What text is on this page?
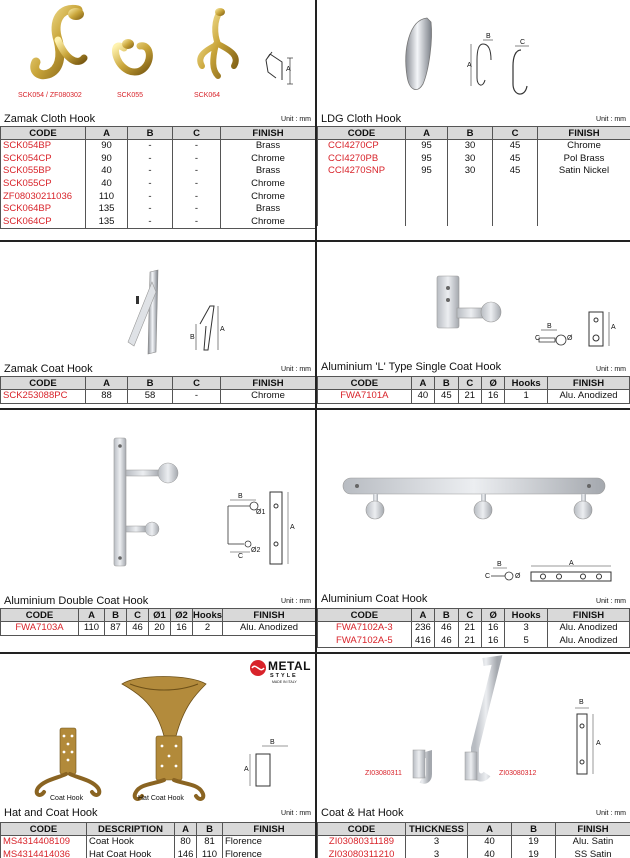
A
SCK054 / ZF080302	SCK055	SCK064
Zamak Cloth Hook	Unit : mm
CODE	A	B	C	FINISH
SCK054BP	90	-	-	Brass
SCK054CP	90	-	-	Chrome
SCK055BP	40	-	-	Brass
SCK055CP	40	-	-	Chrome
ZF08030211036	110	-	-	Chrome
SCK064BP	135	-	-	Brass
SCK064CP	135	-	-	Chrome
A
B
C
LDG Cloth Hook	Unit : mm
CODE	A	B	C	FINISH
CCI4270CP	95	30	45	Chrome
CCI4270PB	95	30	45	Pol Brass
CCI4270SNP	95	30	45	Satin Nickel

B
A
Zamak Coat Hook	Unit : mm
CODE	A	B	C	FINISH
SCK253088PC	88	58	-	Chrome
B
C	Ø
A
Aluminium 'L' Type Single Coat Hook	Unit : mm
CODE	A	B	C	Ø	Hooks	FINISH
FWA7101A	40	45	21	16	1	Alu. Anodized
B
C
Ø1
Ø2
A
Aluminium Double Coat Hook	Unit : mm
CODE	A	B	C	Ø1	Ø2	Hooks	FINISH
FWA7103A	110	87	46	20	16	2	Alu. Anodized
B
C	Ø
A
Aluminium Coat Hook	Unit : mm
CODE	A	B	C	Ø	Hooks	FINISH
FWA7102A-3	236	46	21	16	3	Alu. Anodized
FWA7102A-5	416	46	21	16	5	Alu. Anodized
METAL
STYLE
MADE IN ITALY
B
A
Coat Hook	Hat Coat Hook
Hat and Coat Hook	Unit : mm
CODE	DESCRIPTION	A	B	FINISH
MS4314408109	Coat Hook	80	81	Florence
MS4314414036	Hat Coat Hook	146	110	Florence
ZI03080311	ZI03080312
B
A
Coat & Hat Hook	Unit : mm
CODE	THICKNESS	A	B	FINISH
ZI03080311189	3	40	19	Alu. Satin
ZI03080311210	3	40	19	SS Satin
